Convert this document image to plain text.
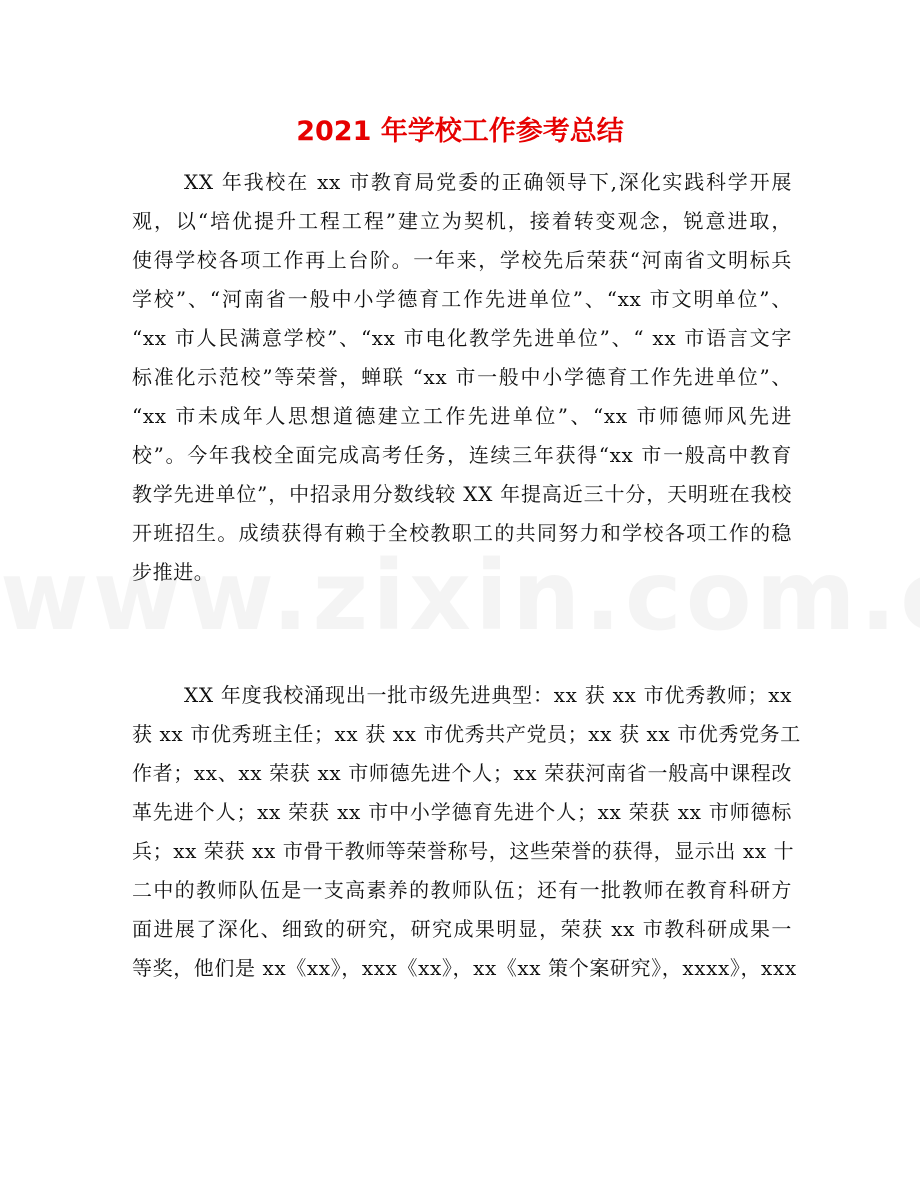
2021 年学校工作参考总结
XX 年我校在 xx 市教育局党委的正确领导下,深化实践科学开展
观，以“培优提升工程工程”建立为契机，接着转变观念，锐意进取，
使得学校各项工作再上台阶。一年来，学校先后荣获“河南省文明标兵
学校”、“河南省一般中小学德育工作先进单位”、“xx 市文明单位”、
“xx 市人民满意学校”、“xx 市电化教学先进单位”、“ xx 市语言文字
标准化示范校”等荣誉，蝉联 “xx 市一般中小学德育工作先进单位”、
“xx 市未成年人思想道德建立工作先进单位”、“xx 市师德师风先进
校”。今年我校全面完成高考任务，连续三年获得“xx 市一般高中教育
教学先进单位”，中招录用分数线较 XX 年提高近三十分，天明班在我校
开班招生。成绩获得有赖于全校教职工的共同努力和学校各项工作的稳
步推进。
XX 年度我校涌现出一批市级先进典型：xx 获 xx 市优秀教师；xx
获 xx 市优秀班主任；xx 获 xx 市优秀共产党员；xx 获 xx 市优秀党务工
作者；xx、xx 荣获 xx 市师德先进个人；xx 荣获河南省一般高中课程改
革先进个人；xx 荣获 xx 市中小学德育先进个人；xx 荣获 xx 市师德标
兵；xx 荣获 xx 市骨干教师等荣誉称号，这些荣誉的获得，显示出 xx 十
二中的教师队伍是一支高素养的教师队伍；还有一批教师在教育科研方
面进展了深化、细致的研究，研究成果明显，荣获 xx 市教科研成果一
等奖，他们是 xx《xx》，xxx《xx》，xx《xx 策个案研究》，xxxx》，xxx
